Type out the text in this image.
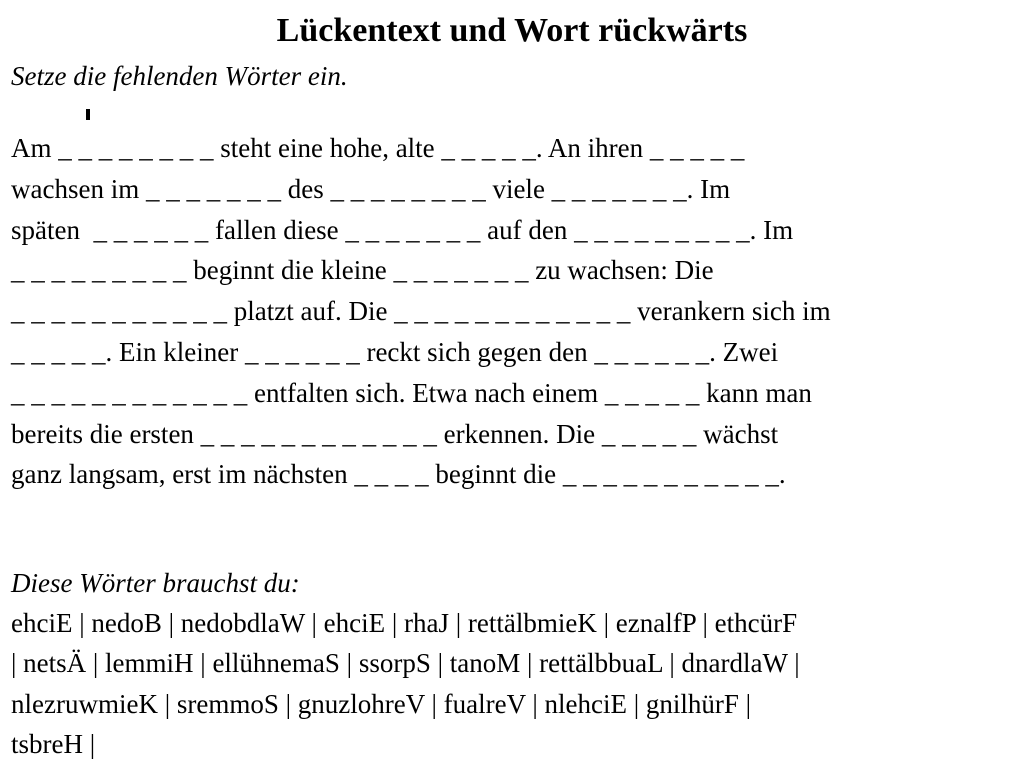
Lückentext und Wort rückwärts

Setze die fehlenden Wörter ein.

Am _ _ _ _ _ _ _ _ steht eine hohe, alte _ _ _ _ _. An ihren _ _ _ _ _
wachsen im _ _ _ _ _ _ _ des _ _ _ _ _ _ _ _ viele _ _ _ _ _ _ _. Im
späten  _ _ _ _ _ _ fallen diese _ _ _ _ _ _ _ auf den _ _ _ _ _ _ _ _ _. Im
_ _ _ _ _ _ _ _ _ beginnt die kleine _ _ _ _ _ _ _ zu wachsen: Die
_ _ _ _ _ _ _ _ _ _ _ platzt auf. Die _ _ _ _ _ _ _ _ _ _ _ _ verankern sich im
_ _ _ _ _. Ein kleiner _ _ _ _ _ _ reckt sich gegen den _ _ _ _ _ _. Zwei
_ _ _ _ _ _ _ _ _ _ _ _ entfalten sich. Etwa nach einem _ _ _ _ _ kann man
bereits die ersten _ _ _ _ _ _ _ _ _ _ _ _ erkennen. Die _ _ _ _ _ wächst
ganz langsam, erst im nächsten _ _ _ _ beginnt die _ _ _ _ _ _ _ _ _ _ _.

Diese Wörter brauchst du:

ehciE | nedoB | nedobdlaW | ehciE | rhaJ | rettälbmieK | eznalfP | ethcürF
| netsÄ | lemmiH | ellühnemaS | ssorpS | tanoM | rettälbbuaL | dnardlaW |
nlezruwmieK | sremmoS | gnuzlohreV | fualreV | nlehciE | gnilhürF |
tsbreH |
